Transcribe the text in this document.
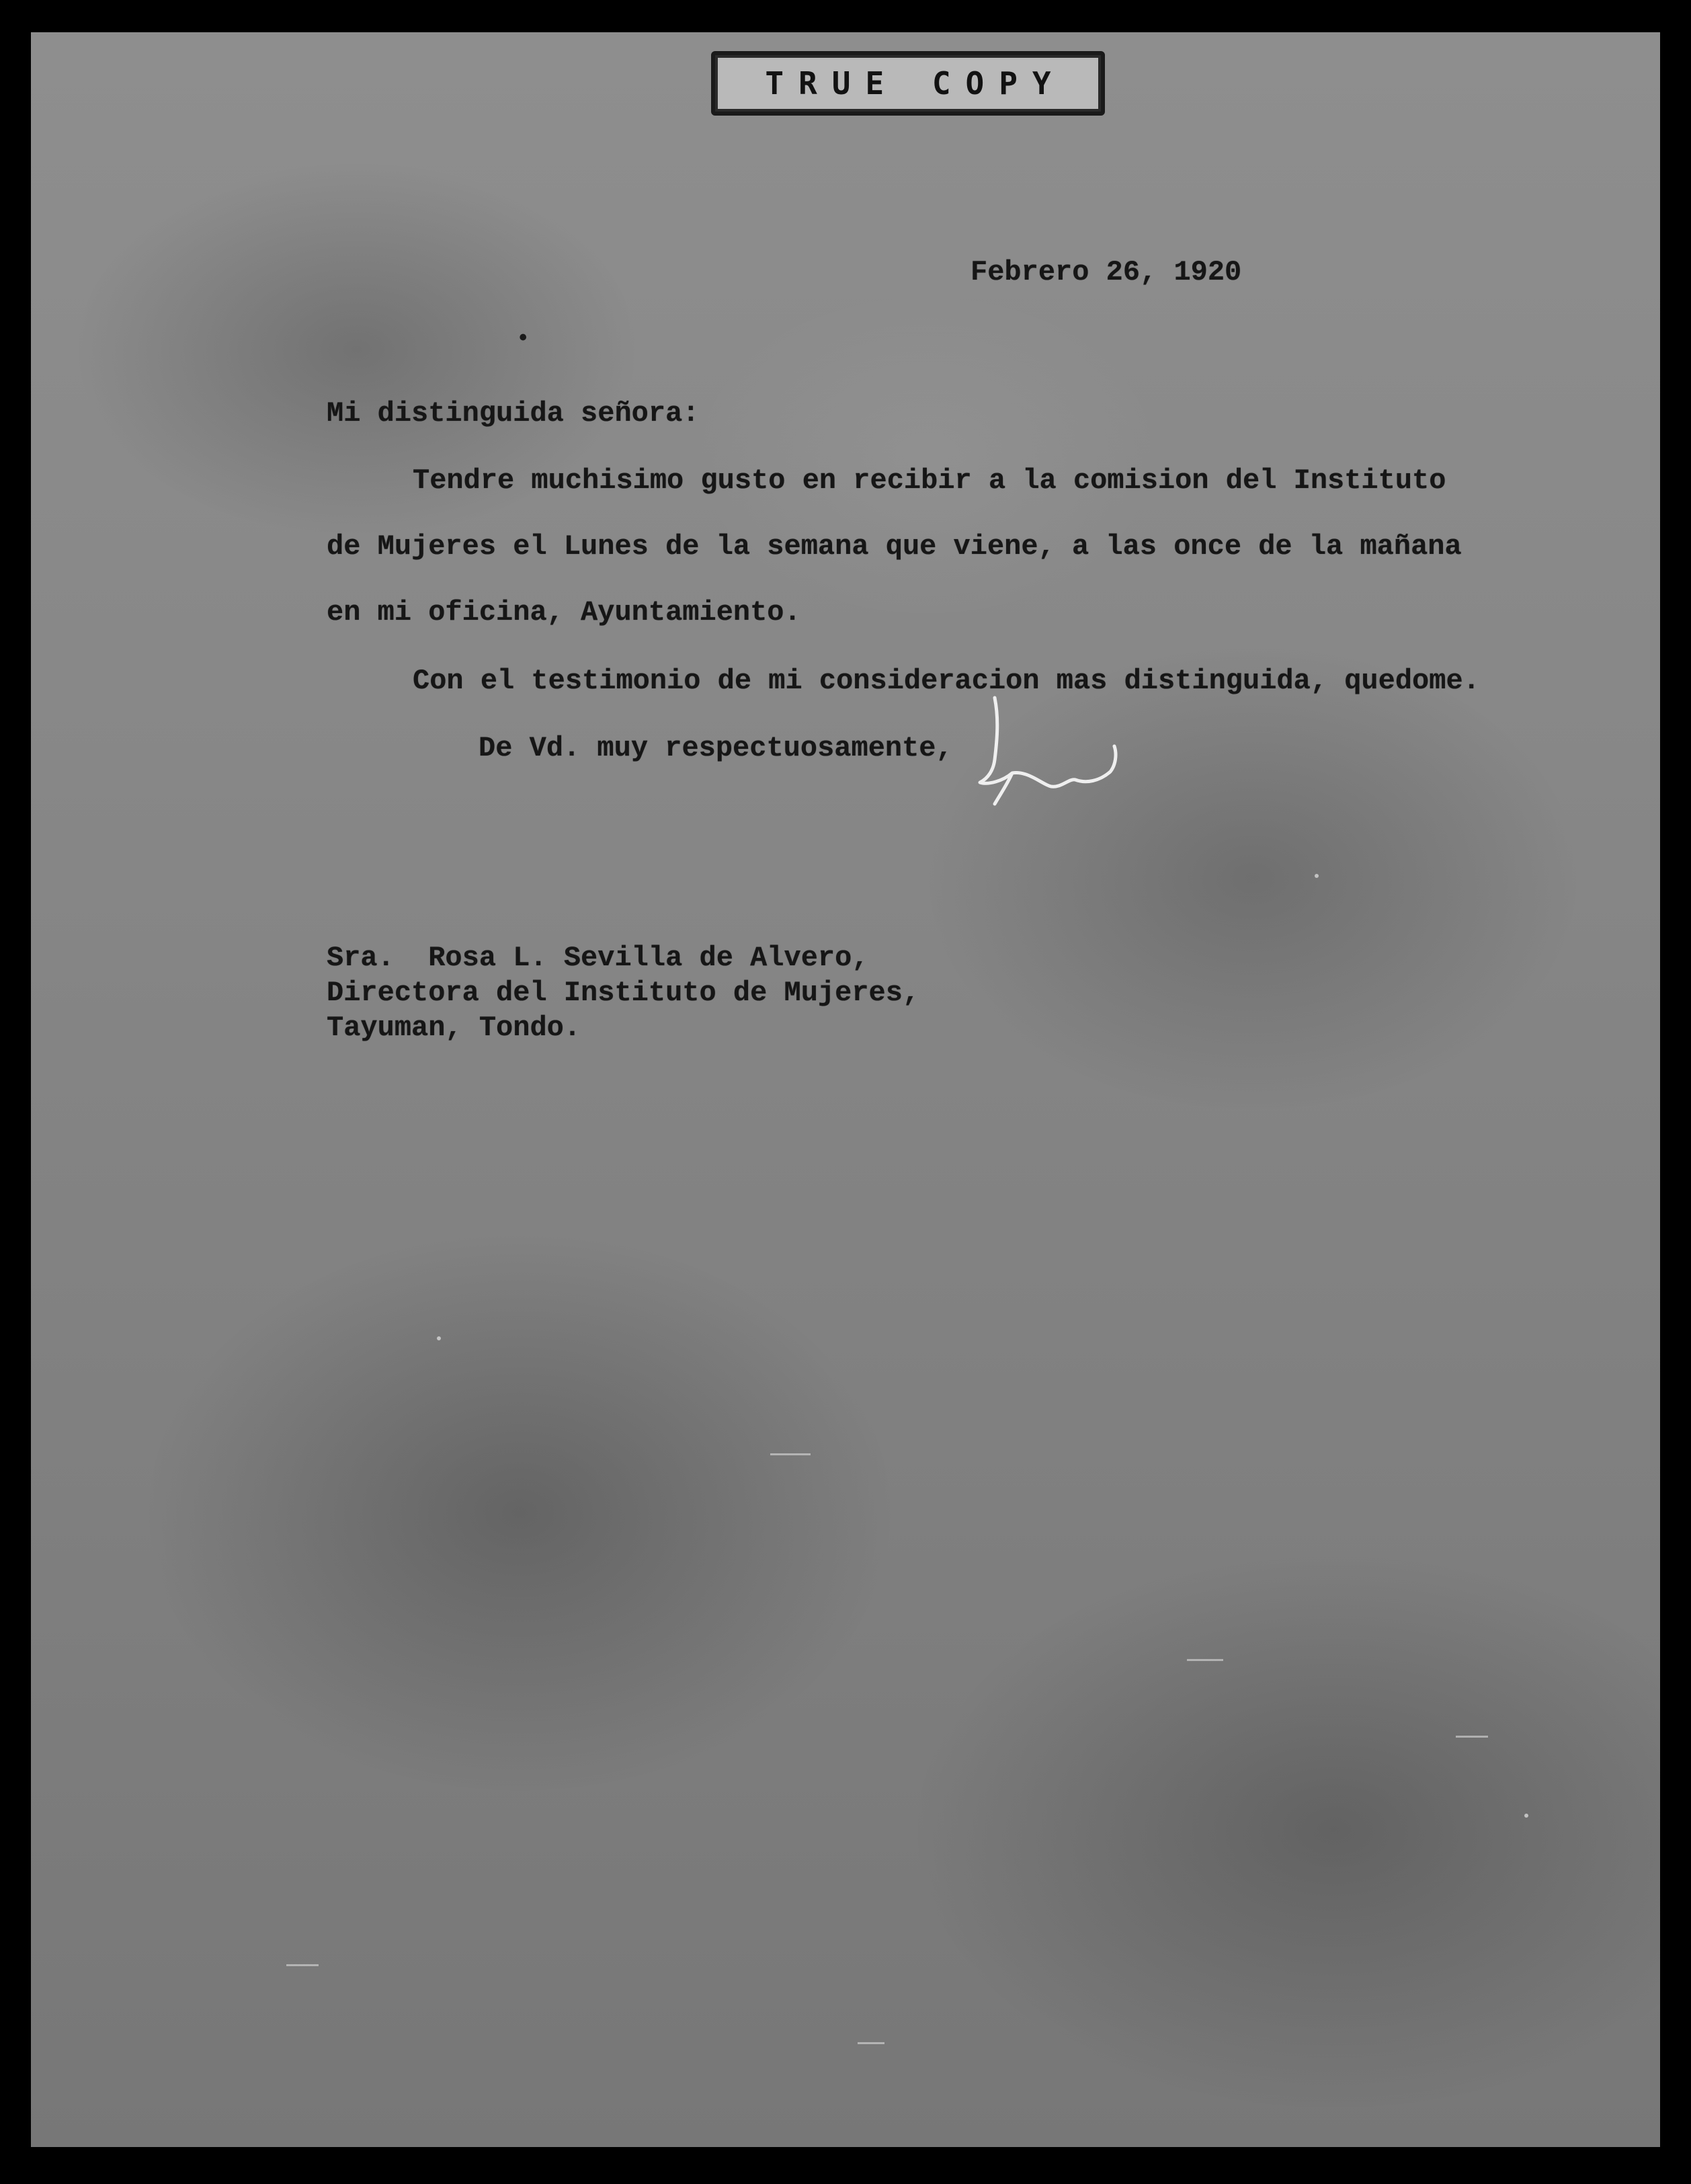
TRUE COPY
Febrero 26, 1920
•
Mi distinguida señora:
Tendre muchisimo gusto en recibir a la comision del Instituto
de Mujeres el Lunes de la semana que viene, a las once de la mañana
en mi oficina, Ayuntamiento.
Con el testimonio de mi consideracion mas distinguida, quedome.
De Vd. muy respectuosamente,
Sra.  Rosa L. Sevilla de Alvero,
Directora del Instituto de Mujeres,
Tayuman, Tondo.
